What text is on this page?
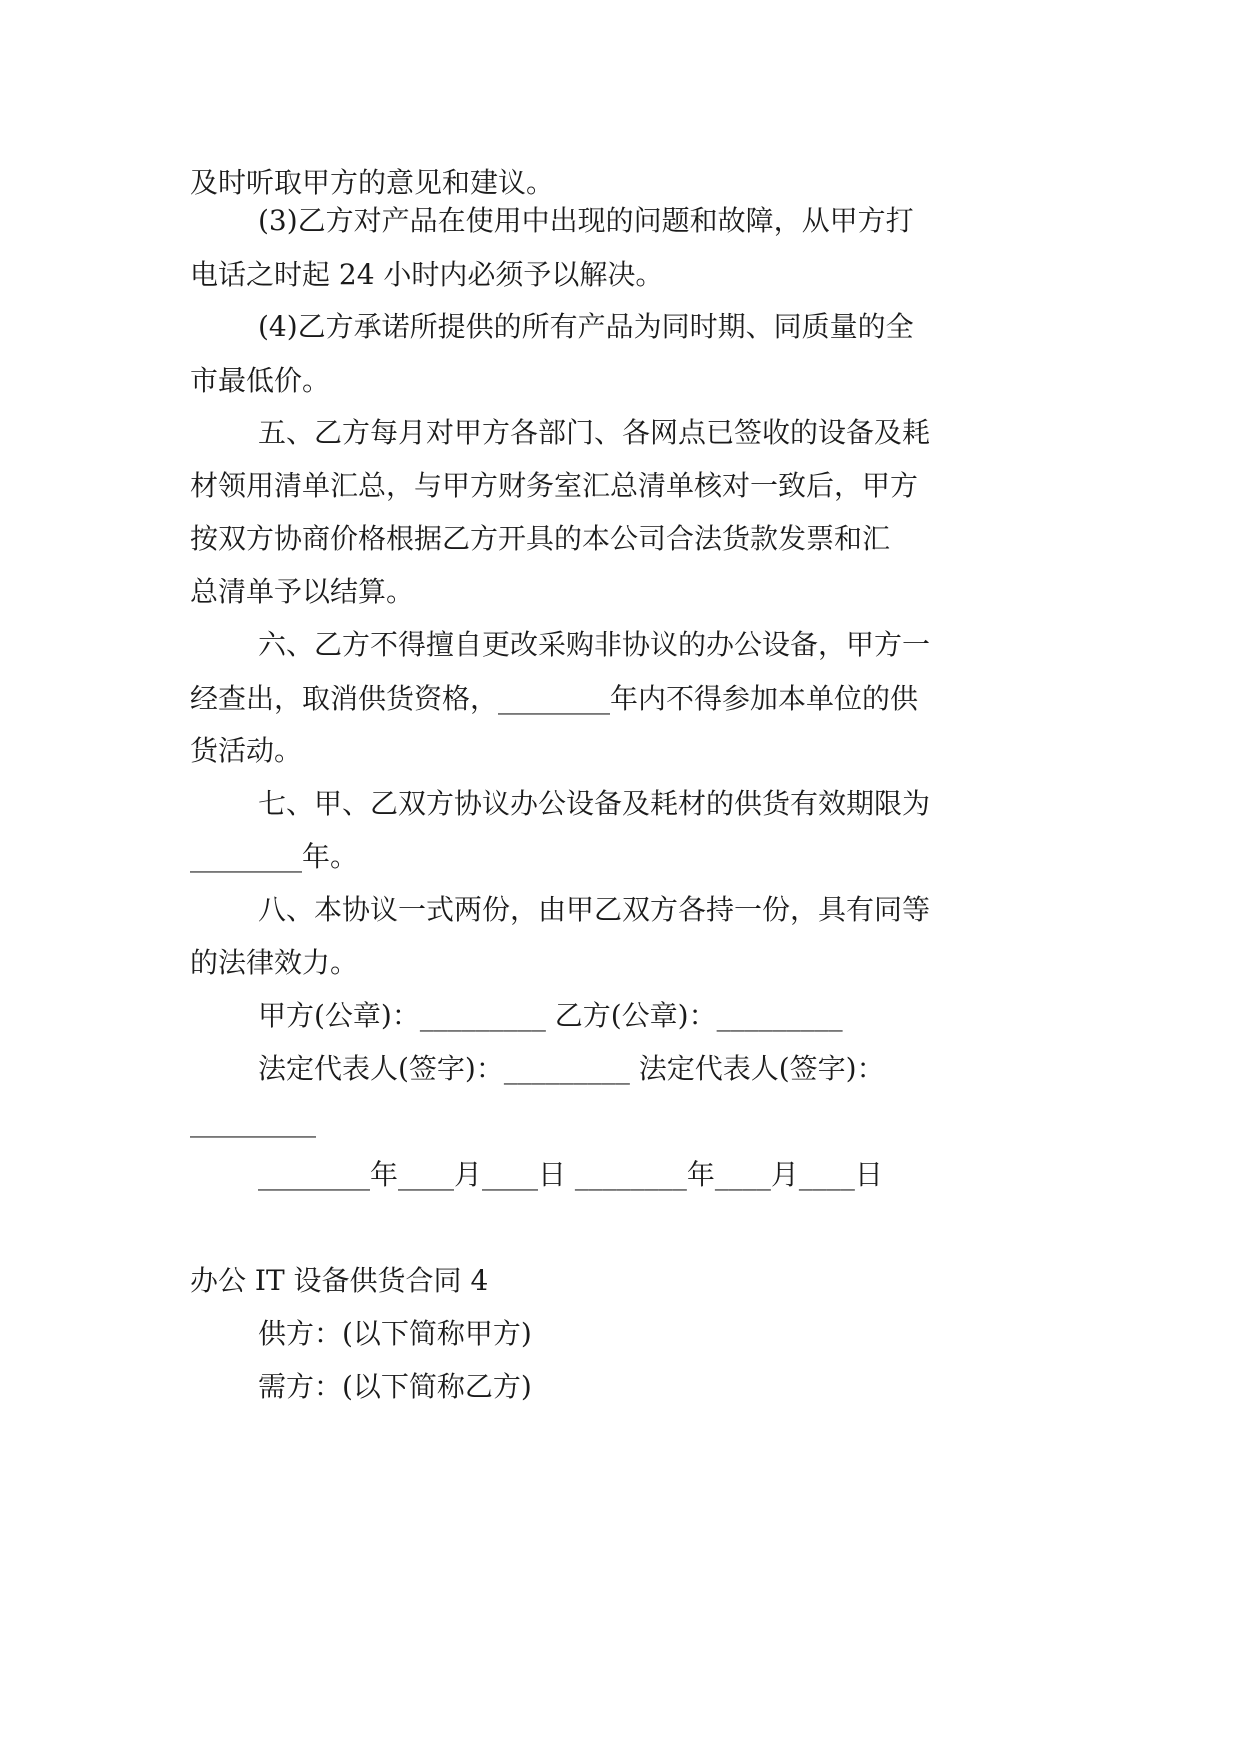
及时听取甲方的意见和建议。
(3)乙方对产品在使用中出现的问题和故障，从甲方打
电话之时起 24 小时内必须予以解决。
(4)乙方承诺所提供的所有产品为同时期、同质量的全
市最低价。
五、乙方每月对甲方各部门、各网点已签收的设备及耗
材领用清单汇总，与甲方财务室汇总清单核对一致后，甲方
按双方协商价格根据乙方开具的本公司合法货款发票和汇
总清单予以结算。
六、乙方不得擅自更改采购非协议的办公设备，甲方一
经查出，取消供货资格，________年内不得参加本单位的供
货活动。
七、甲、乙双方协议办公设备及耗材的供货有效期限为
________年。
八、本协议一式两份，由甲乙双方各持一份，具有同等
的法律效力。
甲方(公章)：_________ 乙方(公章)：_________
法定代表人(签字)：_________ 法定代表人(签字)：
_________
________年____月____日 ________年____月____日
办公 IT 设备供货合同 4
供方：(以下简称甲方)
需方：(以下简称乙方)
